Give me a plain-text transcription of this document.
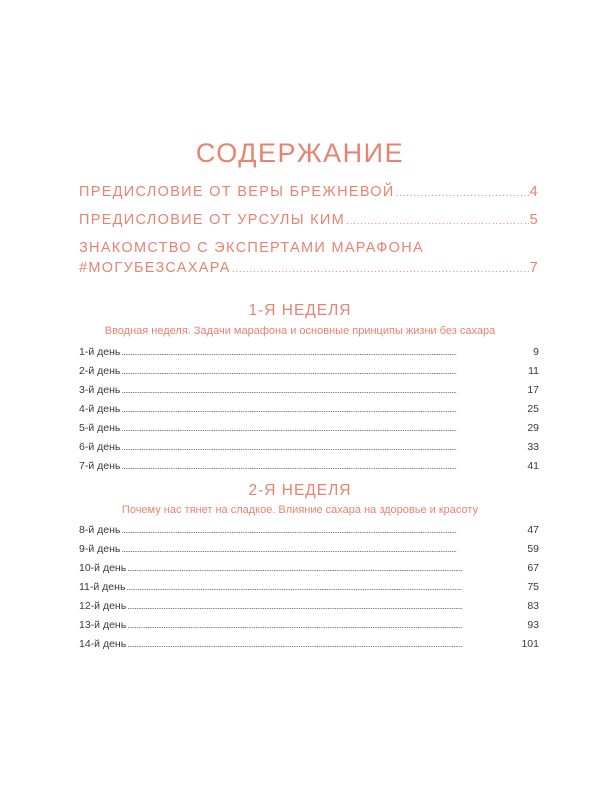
СОДЕРЖАНИЕ
ПРЕДИСЛОВИЕ ОТ ВЕРЫ БРЕЖНЕВОЙ . . .	4
ПРЕДИСЛОВИЕ ОТ УРСУЛЫ КИМ . . .	5
ЗНАКОМСТВО С ЭКСПЕРТАМИ МАРАФОНА
#МОГУБЕЗСАХАРА . . .	7
1-Я НЕДЕЛЯ
Вводная неделя. Задачи марафона и основные принципы жизни без сахара
1-й день . . .	9
2-й день . . .	11
3-й день . . .	17
4-й день . . .	25
5-й день . . .	29
6-й день . . .	33
7-й день . . .	41
2-Я НЕДЕЛЯ
Почему нас тянет на сладкое. Влияние сахара на здоровье и красоту
8-й день . . .	47
9-й день . . .	59
10-й день . . .	67
11-й день . . .	75
12-й день . . .	83
13-й день . . .	93
14-й день . . .	101
